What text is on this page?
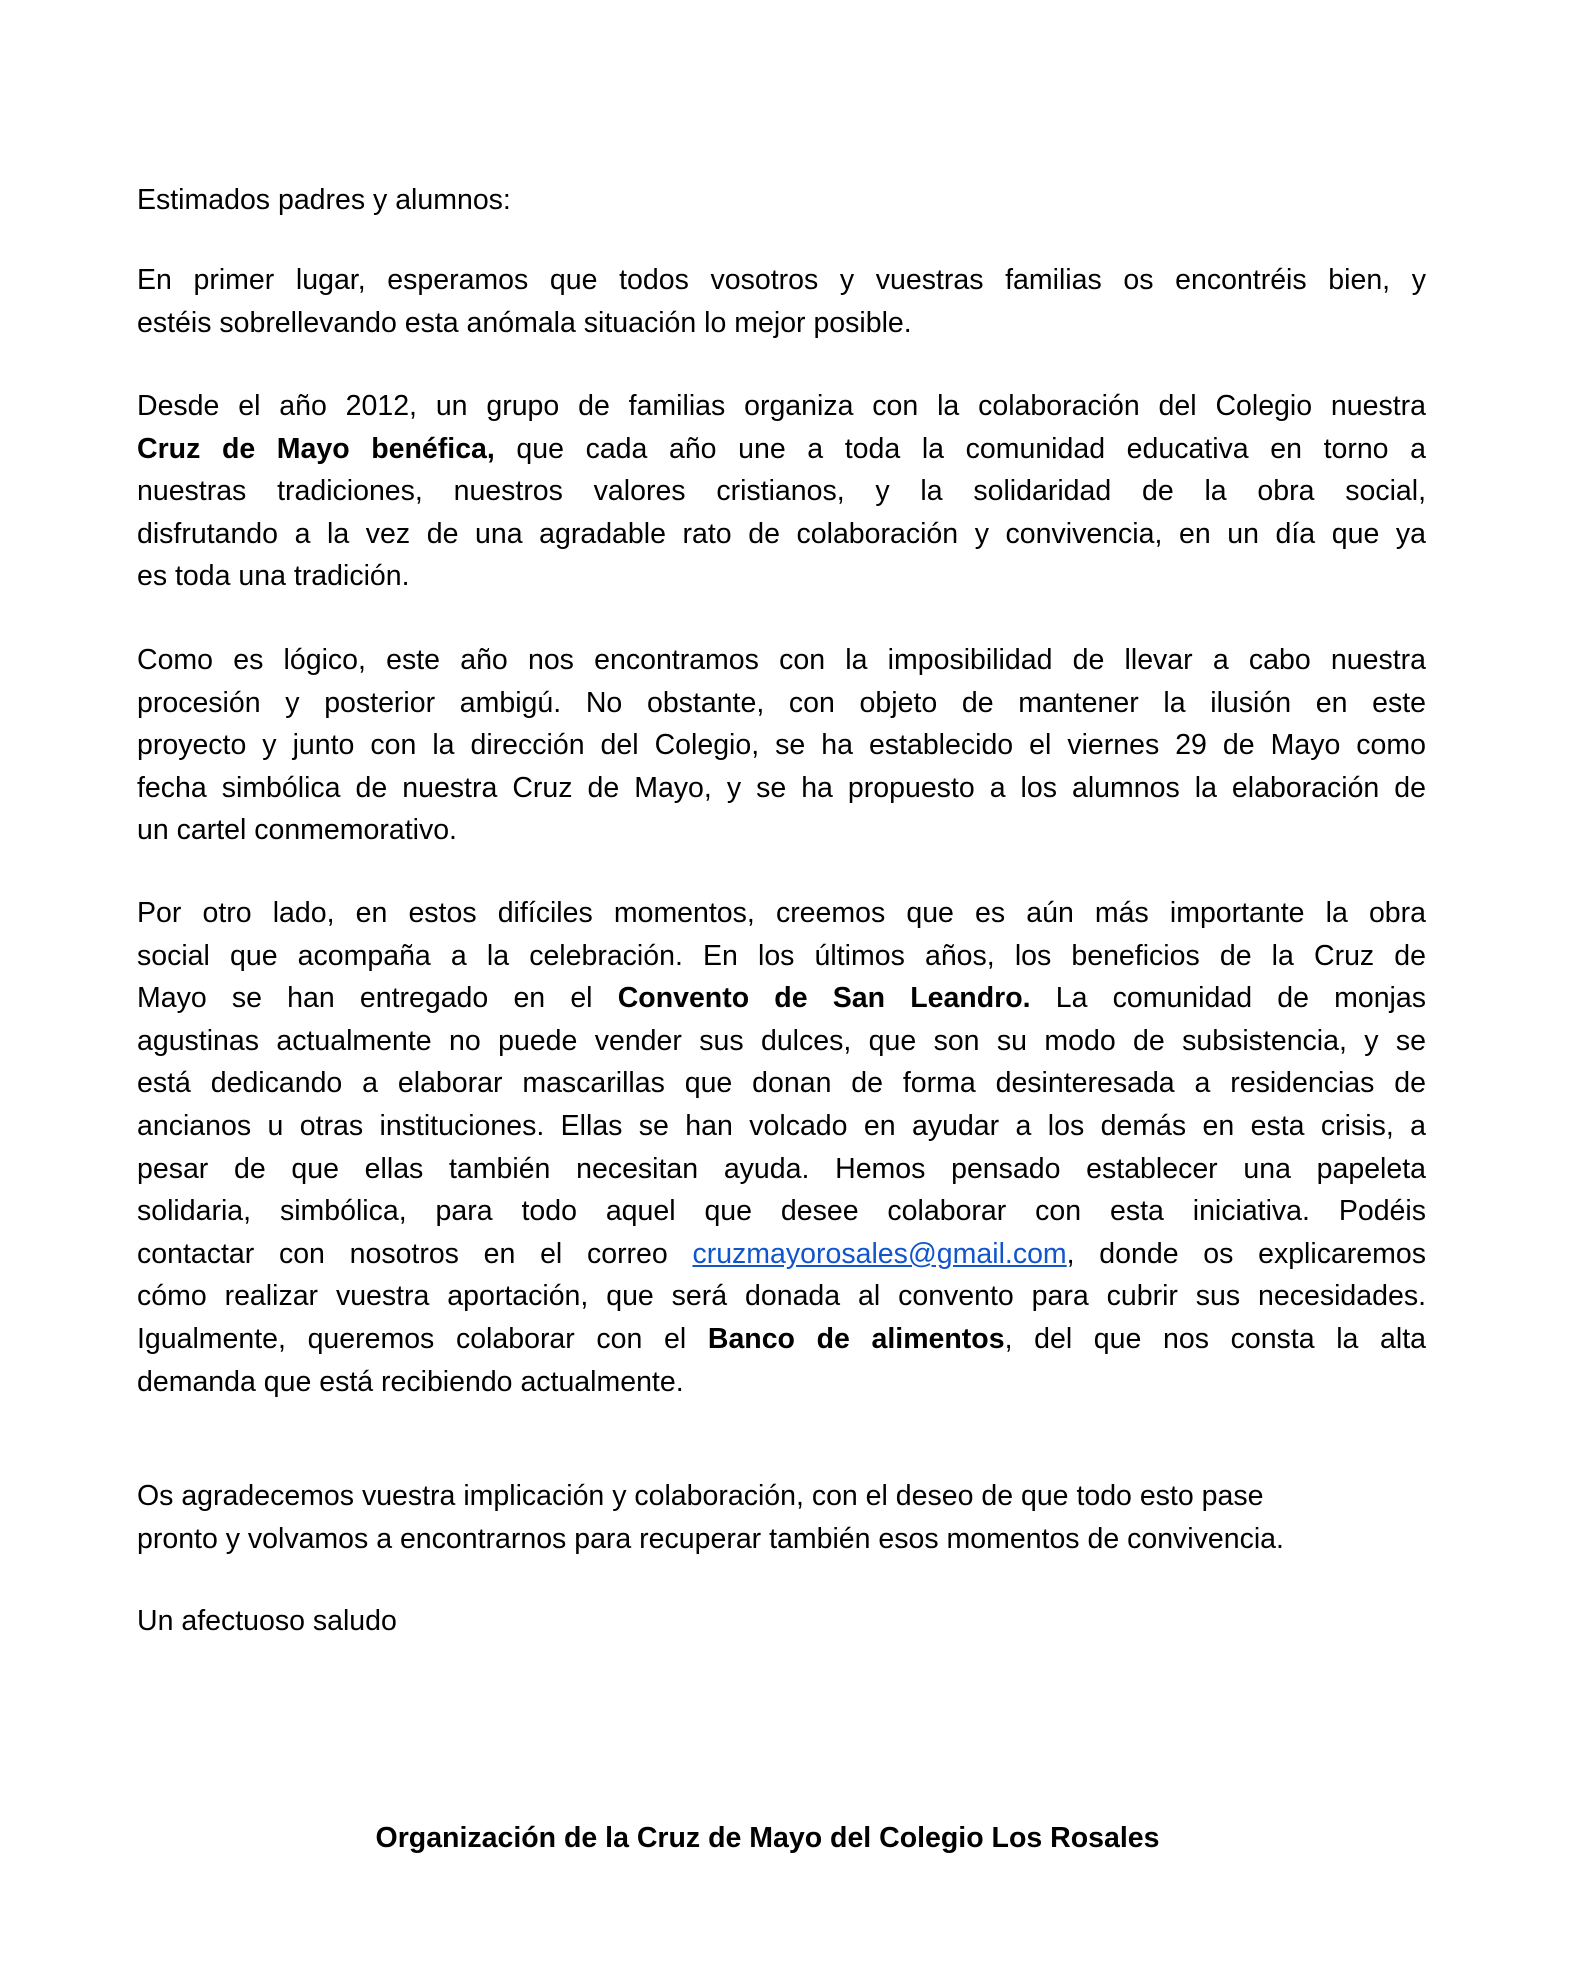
Estimados padres y alumnos:
En primer lugar, esperamos que todos vosotros y vuestras familias os encontréis bien, y
estéis sobrellevando esta anómala situación lo mejor posible.
Desde el año 2012, un grupo de familias organiza con la colaboración del Colegio nuestra
Cruz de Mayo benéfica, que cada año une a toda la comunidad educativa en torno a
nuestras tradiciones, nuestros valores cristianos, y la solidaridad de la obra social,
disfrutando a la vez de una agradable rato de colaboración y convivencia, en un día que ya
es toda una tradición.
Como es lógico, este año nos encontramos con la imposibilidad de llevar a cabo nuestra
procesión y posterior ambigú. No obstante, con objeto de mantener la ilusión en este
proyecto y junto con la dirección del Colegio, se ha establecido el viernes 29 de Mayo como
fecha simbólica de nuestra Cruz de Mayo, y se ha propuesto a los alumnos la elaboración de
un cartel conmemorativo.
Por otro lado, en estos difíciles momentos, creemos que es aún más importante la obra
social que acompaña a la celebración. En los últimos años, los beneficios de la Cruz de
Mayo se han entregado en el Convento de San Leandro. La comunidad de monjas
agustinas actualmente no puede vender sus dulces, que son su modo de subsistencia, y se
está dedicando a elaborar mascarillas que donan de forma desinteresada a residencias de
ancianos u otras instituciones. Ellas se han volcado en ayudar a los demás en esta crisis, a
pesar de que ellas también necesitan ayuda. Hemos pensado establecer una papeleta
solidaria, simbólica, para todo aquel que desee colaborar con esta iniciativa. Podéis
contactar con nosotros en el correo cruzmayorosales@gmail.com, donde os explicaremos
cómo realizar vuestra aportación, que será donada al convento para cubrir sus necesidades.
Igualmente, queremos colaborar con el Banco de alimentos, del que nos consta la alta
demanda que está recibiendo actualmente.
Os agradecemos vuestra implicación y colaboración, con el deseo de que todo esto pase
pronto y volvamos a encontrarnos para recuperar también esos momentos de convivencia.
Un afectuoso saludo
Organización de la Cruz de Mayo del Colegio Los Rosales
